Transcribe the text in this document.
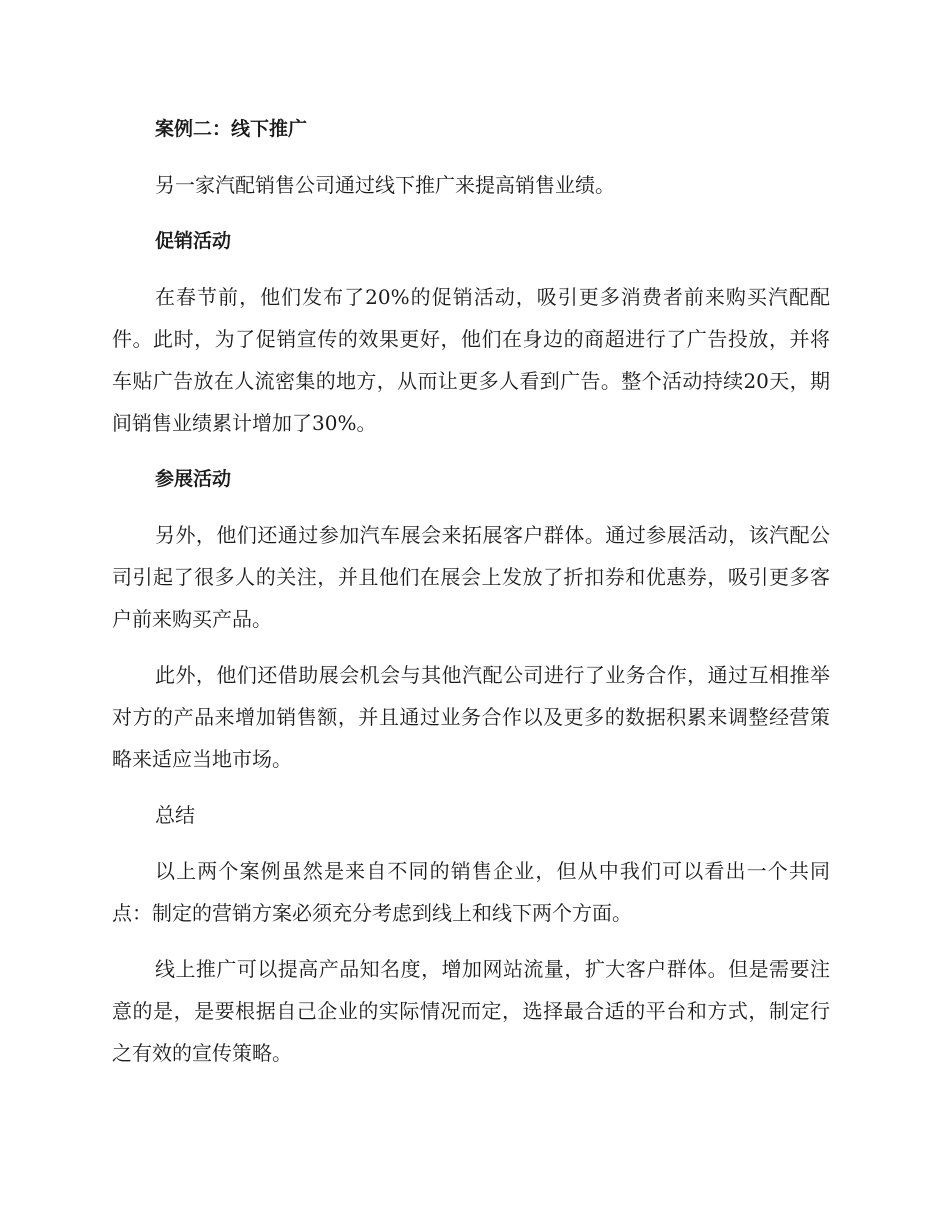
案例二：线下推广
另一家汽配销售公司通过线下推广来提高销售业绩。
促销活动
在春节前，他们发布了20%的促销活动，吸引更多消费者前来购买汽配配件。此时，为了促销宣传的效果更好，他们在身边的商超进行了广告投放，并将车贴广告放在人流密集的地方，从而让更多人看到广告。整个活动持续20天，期间销售业绩累计增加了30%。
参展活动
另外，他们还通过参加汽车展会来拓展客户群体。通过参展活动，该汽配公司引起了很多人的关注，并且他们在展会上发放了折扣券和优惠券，吸引更多客户前来购买产品。
此外，他们还借助展会机会与其他汽配公司进行了业务合作，通过互相推举对方的产品来增加销售额，并且通过业务合作以及更多的数据积累来调整经营策略来适应当地市场。
总结
以上两个案例虽然是来自不同的销售企业，但从中我们可以看出一个共同点：制定的营销方案必须充分考虑到线上和线下两个方面。
线上推广可以提高产品知名度，增加网站流量，扩大客户群体。但是需要注意的是，是要根据自己企业的实际情况而定，选择最合适的平台和方式，制定行之有效的宣传策略。
